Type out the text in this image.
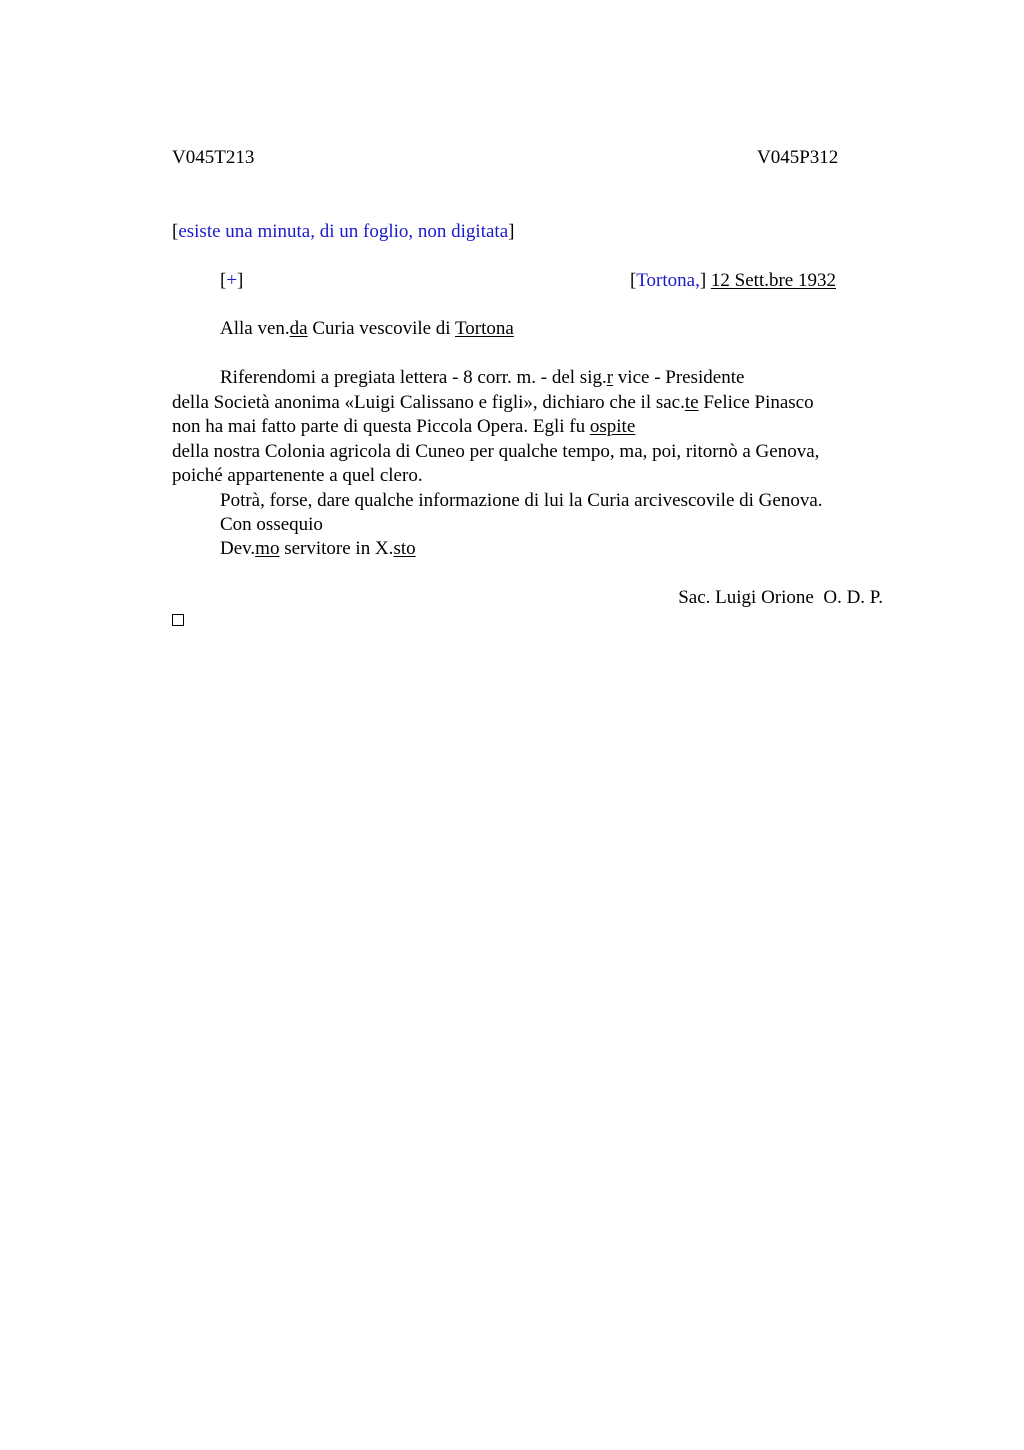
V045T213	V045P312
[esiste una minuta, di un foglio, non digitata]
[+]	[Tortona,] 12 Sett.bre 1932
Alla ven.da Curia vescovile di Tortona
Riferendomi a pregiata lettera - 8 corr. m. - del sig.r vice - Presidente
della Società anonima «Luigi Calissano e figli», dichiaro che il sac.te Felice Pinasco
non ha mai fatto parte di questa Piccola Opera. Egli fu ospite
della nostra Colonia agricola di Cuneo per qualche tempo, ma, poi, ritornò a Genova,
poiché appartenente a quel clero.
Potrà, forse, dare qualche informazione di lui la Curia arcivescovile di Genova.
Con ossequio
Dev.mo servitore in X.sto
Sac. Luigi Orione  O. D. P.
